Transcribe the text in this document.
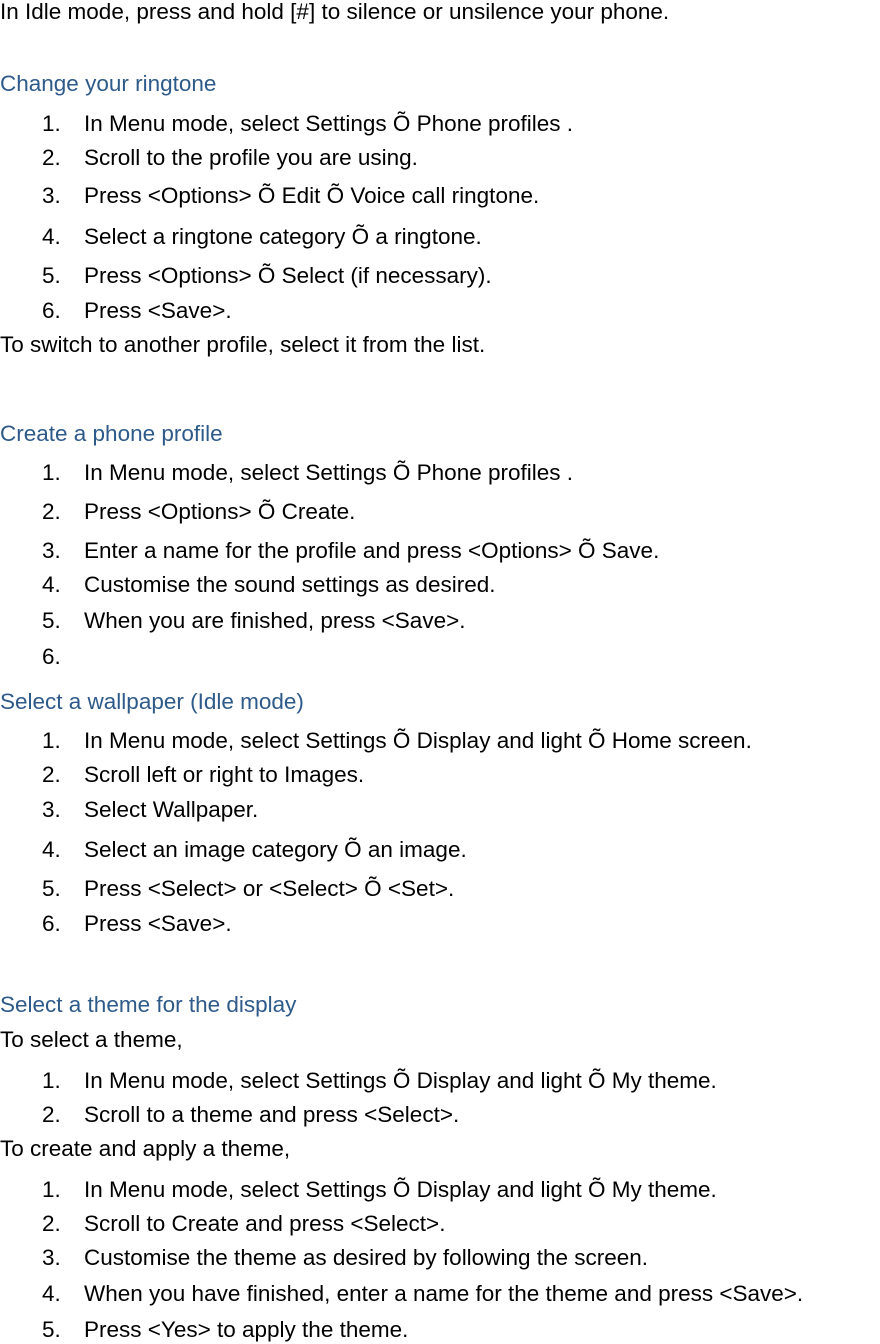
In Idle mode, press and hold [#] to silence or unsilence your phone.
Change your ringtone
1.	In Menu mode, select Settings Õ Phone profiles .
2.	Scroll to the profile you are using.
3.	Press <Options> Õ Edit Õ Voice call ringtone.
4.	Select a ringtone category Õ a ringtone.
5.	Press <Options> Õ Select (if necessary).
6.	Press <Save>.
To switch to another profile, select it from the list.
Create a phone profile
1.	In Menu mode, select Settings Õ Phone profiles .
2.	Press <Options> Õ Create.
3.	Enter a name for the profile and press <Options> Õ Save.
4.	Customise the sound settings as desired.
5.	When you are finished, press <Save>.
6.
Select a wallpaper (Idle mode)
1.	In Menu mode, select Settings Õ Display and light Õ Home screen.
2.	Scroll left or right to Images.
3.	Select Wallpaper.
4.	Select an image category Õ an image.
5.	Press <Select> or <Select> Õ <Set>.
6.	Press <Save>.
Select a theme for the display
To select a theme,
1.	In Menu mode, select Settings Õ Display and light Õ My theme.
2.	Scroll to a theme and press <Select>.
To create and apply a theme,
1.	In Menu mode, select Settings Õ Display and light Õ My theme.
2.	Scroll to Create and press <Select>.
3.	Customise the theme as desired by following the screen.
4.	When you have finished, enter a name for the theme and press <Save>.
5.	Press <Yes> to apply the theme.
